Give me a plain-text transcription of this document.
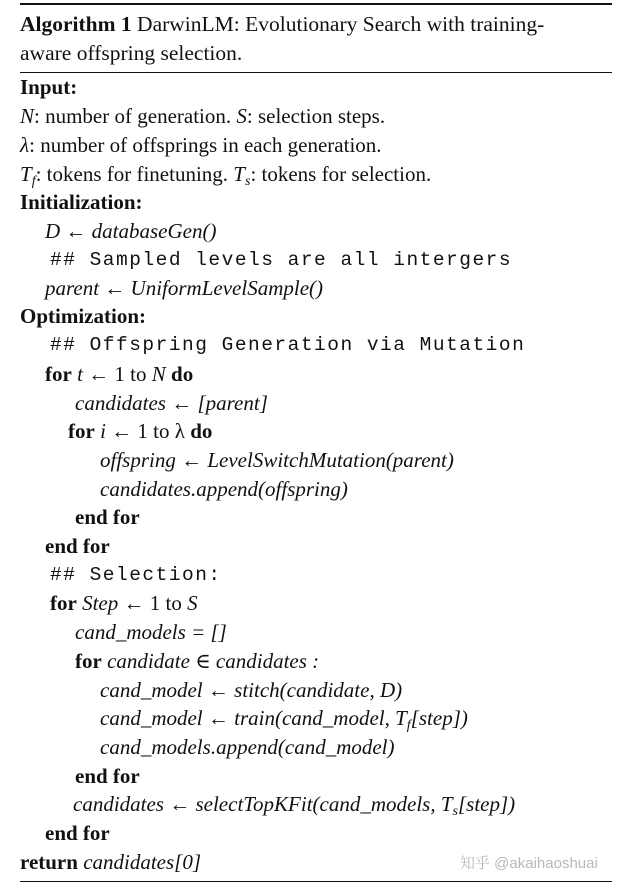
Algorithm 1 DarwinLM: Evolutionary Search with training-
aware offspring selection.
Input:
N: number of generation. S: selection steps.
λ: number of offsprings in each generation.
$T_f$: tokens for finetuning. $T_s$: tokens for selection.
Initialization:
D ← databaseGen()
## Sampled levels are all intergers
parent ← UniformLevelSample()
Optimization:
## Offspring Generation via Mutation
for t ← 1 to N do
candidates ← [parent]
for i ← 1 to λ do
offspring ← LevelSwitchMutation(parent)
candidates.append(offspring)
end for
end for
## Selection:
for Step ← 1 to S
cand_models = []
for candidate ∈ candidates :
cand_model ← stitch(candidate, D)
cand_model ← train(cand_model, $T_f[step]$)
cand_models.append(cand_model)
end for
candidates ← selectTopKFit(cand_models, $T_s[step]$)
end for
return candidates[0]	知乎 @akaihaoshuai
